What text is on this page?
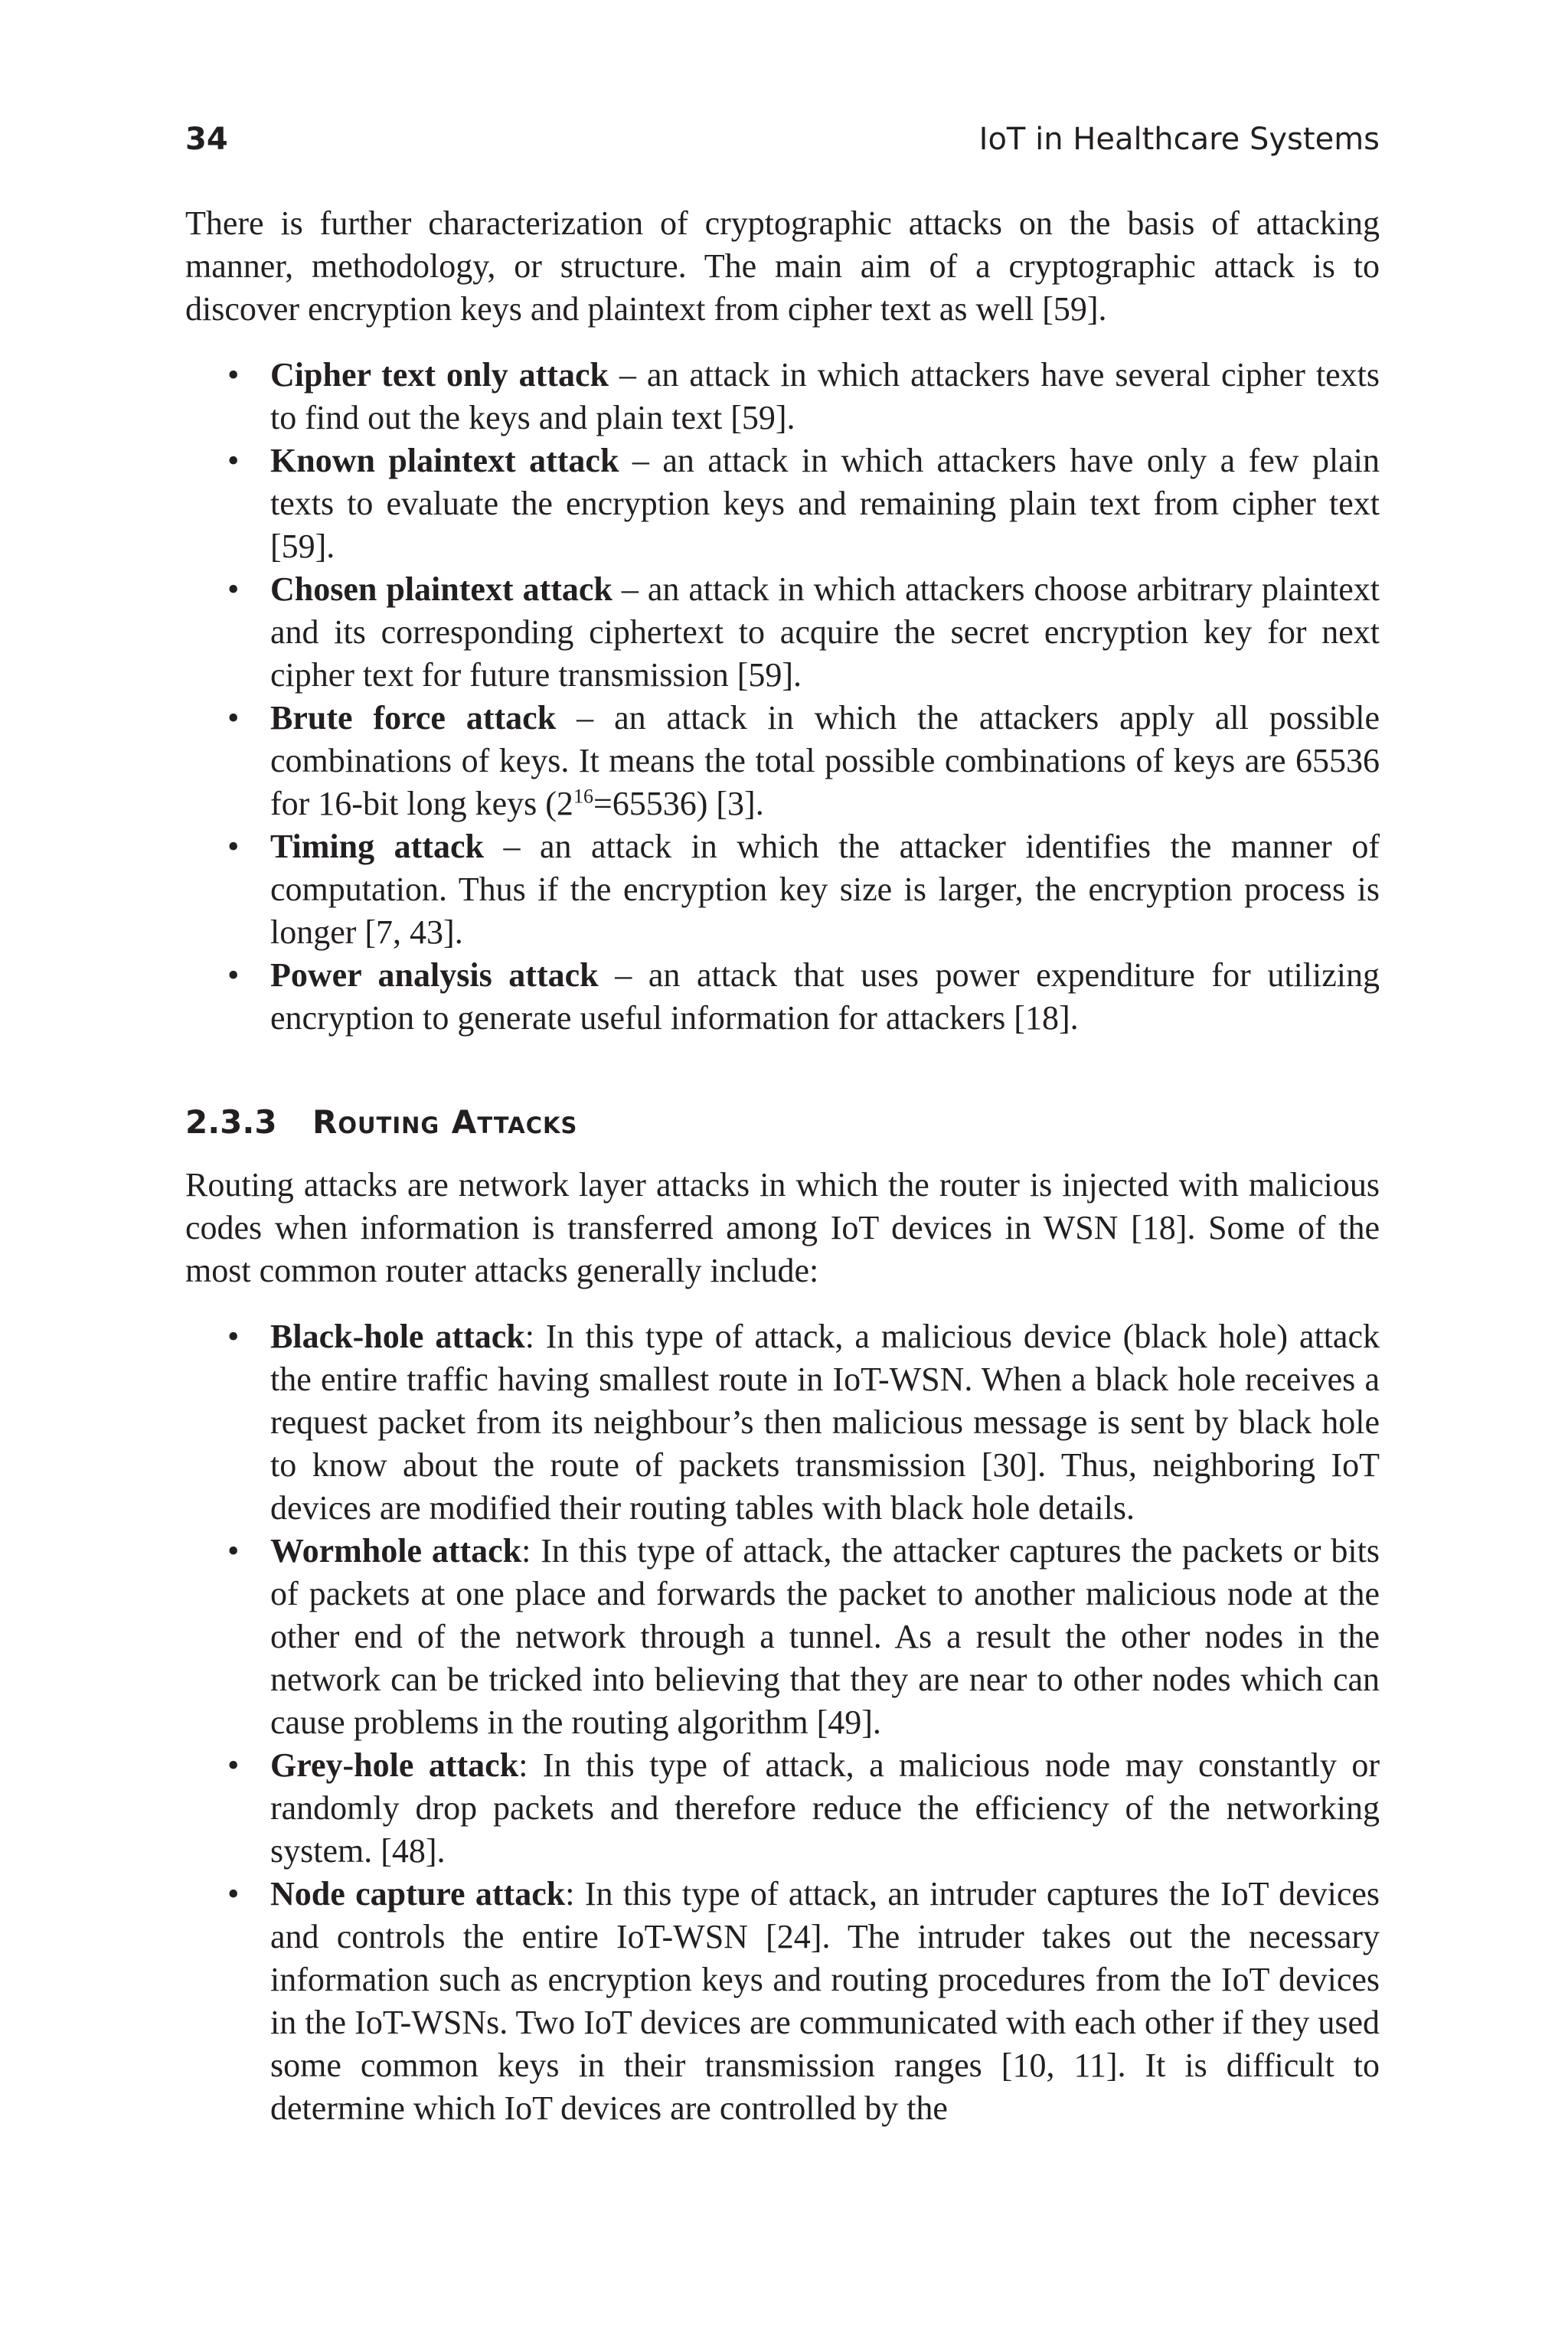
34	IoT in Healthcare Systems

There is further characterization of cryptographic attacks on the basis of attacking manner, methodology, or structure. The main aim of a cryptographic attack is to discover encryption keys and plaintext from cipher text as well [59].

• Cipher text only attack – an attack in which attackers have several cipher texts to find out the keys and plain text [59].
• Known plaintext attack – an attack in which attackers have only a few plain texts to evaluate the encryption keys and remaining plain text from cipher text [59].
• Chosen plaintext attack – an attack in which attackers choose arbitrary plaintext and its corresponding ciphertext to acquire the secret encryption key for next cipher text for future transmission [59].
• Brute force attack – an attack in which the attackers apply all possible combinations of keys. It means the total possible combinations of keys are 65536 for 16-bit long keys $(2^{16}=65536)$ [3].
• Timing attack – an attack in which the attacker identifies the manner of computation. Thus if the encryption key size is larger, the encryption process is longer [7, 43].
• Power analysis attack – an attack that uses power expenditure for utilizing encryption to generate useful information for attackers [18].
2.3.3 Routing Attacks

Routing attacks are network layer attacks in which the router is injected with malicious codes when information is transferred among IoT devices in WSN [18]. Some of the most common router attacks generally include:

• Black-hole attack: In this type of attack, a malicious device (black hole) attack the entire traffic having smallest route in IoT-WSN. When a black hole receives a request packet from its neighbour’s then malicious message is sent by black hole to know about the route of packets transmission [30]. Thus, neighboring IoT devices are modified their routing tables with black hole details.
• Wormhole attack: In this type of attack, the attacker captures the packets or bits of packets at one place and forwards the packet to another malicious node at the other end of the network through a tunnel. As a result the other nodes in the network can be tricked into believing that they are near to other nodes which can cause problems in the routing algorithm [49].
• Grey-hole attack: In this type of attack, a malicious node may constantly or randomly drop packets and therefore reduce the efficiency of the networking system. [48].
• Node capture attack: In this type of attack, an intruder captures the IoT devices and controls the entire IoT-WSN [24]. The intruder takes out the necessary information such as encryption keys and routing procedures from the IoT devices in the IoT-WSNs. Two IoT devices are communicated with each other if they used some common keys in their transmission ranges [10, 11]. It is difficult to determine which IoT devices are controlled by the
